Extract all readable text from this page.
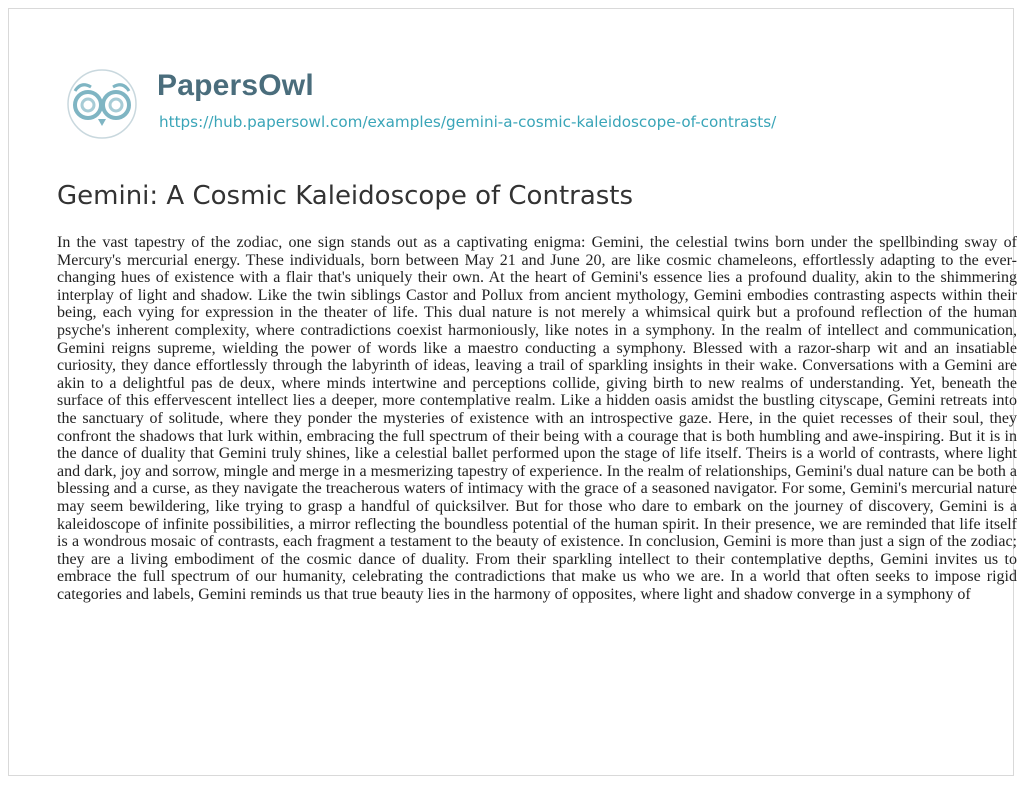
PapersOwl
https://hub.papersowl.com/examples/gemini-a-cosmic-kaleidoscope-of-contrasts/
Gemini: A Cosmic Kaleidoscope of Contrasts

In the vast tapestry of the zodiac, one sign stands out as a captivating enigma: Gemini, the celestial twins born under the spellbinding sway of Mercury's mercurial energy. These individuals, born between May 21 and June 20, are like cosmic chameleons, effortlessly adapting to the ever-changing hues of existence with a flair that's uniquely their own. At the heart of Gemini's essence lies a profound duality, akin to the shimmering interplay of light and shadow. Like the twin siblings Castor and Pollux from ancient mythology, Gemini embodies contrasting aspects within their being, each vying for expression in the theater of life. This dual nature is not merely a whimsical quirk but a profound reflection of the human psyche's inherent complexity, where contradictions coexist harmoniously, like notes in a symphony. In the realm of intellect and communication, Gemini reigns supreme, wielding the power of words like a maestro conducting a symphony. Blessed with a razor-sharp wit and an insatiable curiosity, they dance effortlessly through the labyrinth of ideas, leaving a trail of sparkling insights in their wake. Conversations with a Gemini are akin to a delightful pas de deux, where minds intertwine and perceptions collide, giving birth to new realms of understanding. Yet, beneath the surface of this effervescent intellect lies a deeper, more contemplative realm. Like a hidden oasis amidst the bustling cityscape, Gemini retreats into the sanctuary of solitude, where they ponder the mysteries of existence with an introspective gaze. Here, in the quiet recesses of their soul, they confront the shadows that lurk within, embracing the full spectrum of their being with a courage that is both humbling and awe-inspiring. But it is in the dance of duality that Gemini truly shines, like a celestial ballet performed upon the stage of life itself. Theirs is a world of contrasts, where light and dark, joy and sorrow, mingle and merge in a mesmerizing tapestry of experience. In the realm of relationships, Gemini's dual nature can be both a blessing and a curse, as they navigate the treacherous waters of intimacy with the grace of a seasoned navigator. For some, Gemini's mercurial nature may seem bewildering, like trying to grasp a handful of quicksilver. But for those who dare to embark on the journey of discovery, Gemini is a kaleidoscope of infinite possibilities, a mirror reflecting the boundless potential of the human spirit. In their presence, we are reminded that life itself is a wondrous mosaic of contrasts, each fragment a testament to the beauty of existence. In conclusion, Gemini is more than just a sign of the zodiac; they are a living embodiment of the cosmic dance of duality. From their sparkling intellect to their contemplative depths, Gemini invites us to embrace the full spectrum of our humanity, celebrating the contradictions that make us who we are. In a world that often seeks to impose rigid categories and labels, Gemini reminds us that true beauty lies in the harmony of opposites, where light and shadow converge in a symphony of
